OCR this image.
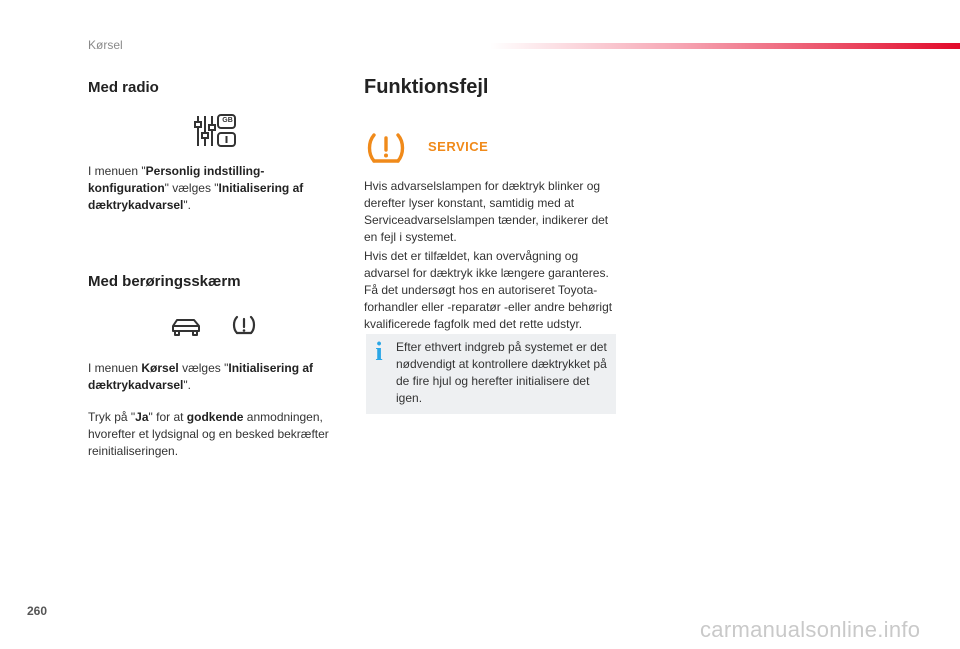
Kørsel
Med radio
GB

I menuen "Personlig indstilling-konfiguration" vælges "Initialisering af dæktrykadvarsel".

Med berøringsskærm

I menuen Kørsel vælges "Initialisering af dæktrykadvarsel".

Tryk på "Ja" for at godkende anmodningen, hvorefter et lydsignal og en besked bekræfter reinitialiseringen.

Funktionsfejl
SERVICE

Hvis advarselslampen for dæktryk blinker og derefter lyser konstant, samtidig med at Serviceadvarselslampen tænder, indikerer det en fejl i systemet.

Hvis det er tilfældet, kan overvågning og advarsel for dæktryk ikke længere garanteres. Få det undersøgt hos en autoriseret Toyota-forhandler eller -reparatør -eller andre behørigt kvalificerede fagfolk med det rette udstyr.

i Efter ethvert indgreb på systemet er det nødvendigt at kontrollere dæktrykket på de fire hjul og herefter initialisere det igen.

260
carmanualsonline.info
